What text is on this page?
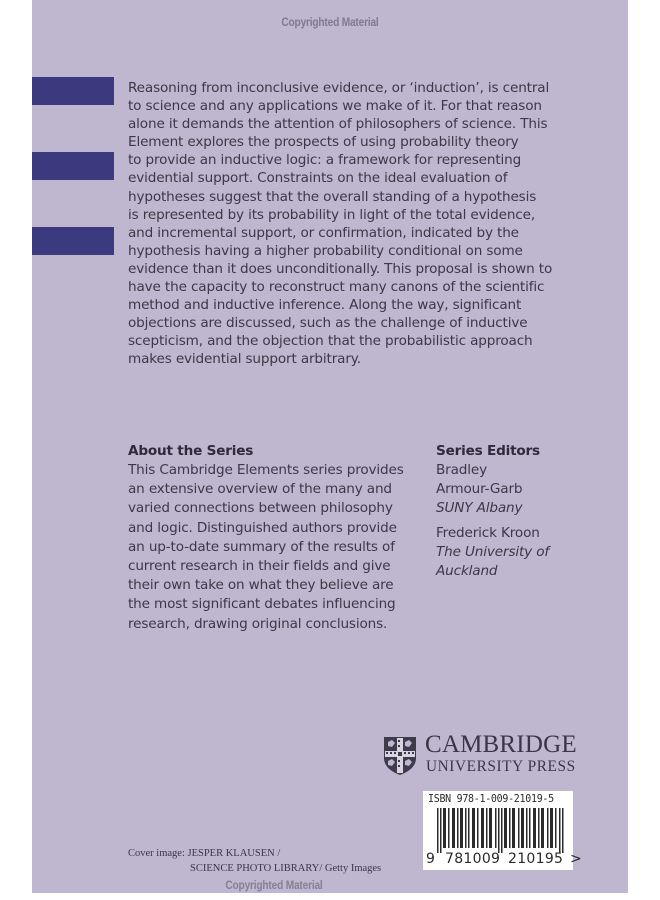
Copyrighted Material
Reasoning from inconclusive evidence, or ‘induction’, is central
to science and any applications we make of it. For that reason
alone it demands the attention of philosophers of science. This
Element explores the prospects of using probability theory
to provide an inductive logic: a framework for representing
evidential support. Constraints on the ideal evaluation of
hypotheses suggest that the overall standing of a hypothesis
is represented by its probability in light of the total evidence,
and incremental support, or confirmation, indicated by the
hypothesis having a higher probability conditional on some
evidence than it does unconditionally. This proposal is shown to
have the capacity to reconstruct many canons of the scientific
method and inductive inference. Along the way, significant
objections are discussed, such as the challenge of inductive
scepticism, and the objection that the probabilistic approach
makes evidential support arbitrary.
About the Series
This Cambridge Elements series provides
an extensive overview of the many and
varied connections between philosophy
and logic. Distinguished authors provide
an up-to-date summary of the results of
current research in their fields and give
their own take on what they believe are
the most significant debates influencing
research, drawing original conclusions.
Series Editors
Bradley
Armour-Garb
SUNY Albany
Frederick Kroon
The University of
Auckland
CAMBRIDGE
UNIVERSITY PRESS
ISBN 978-1-009-21019-5
9 781009 210195 >
Cover image: JESPER KLAUSEN /
SCIENCE PHOTO LIBRARY/ Getty Images
Copyrighted Material
